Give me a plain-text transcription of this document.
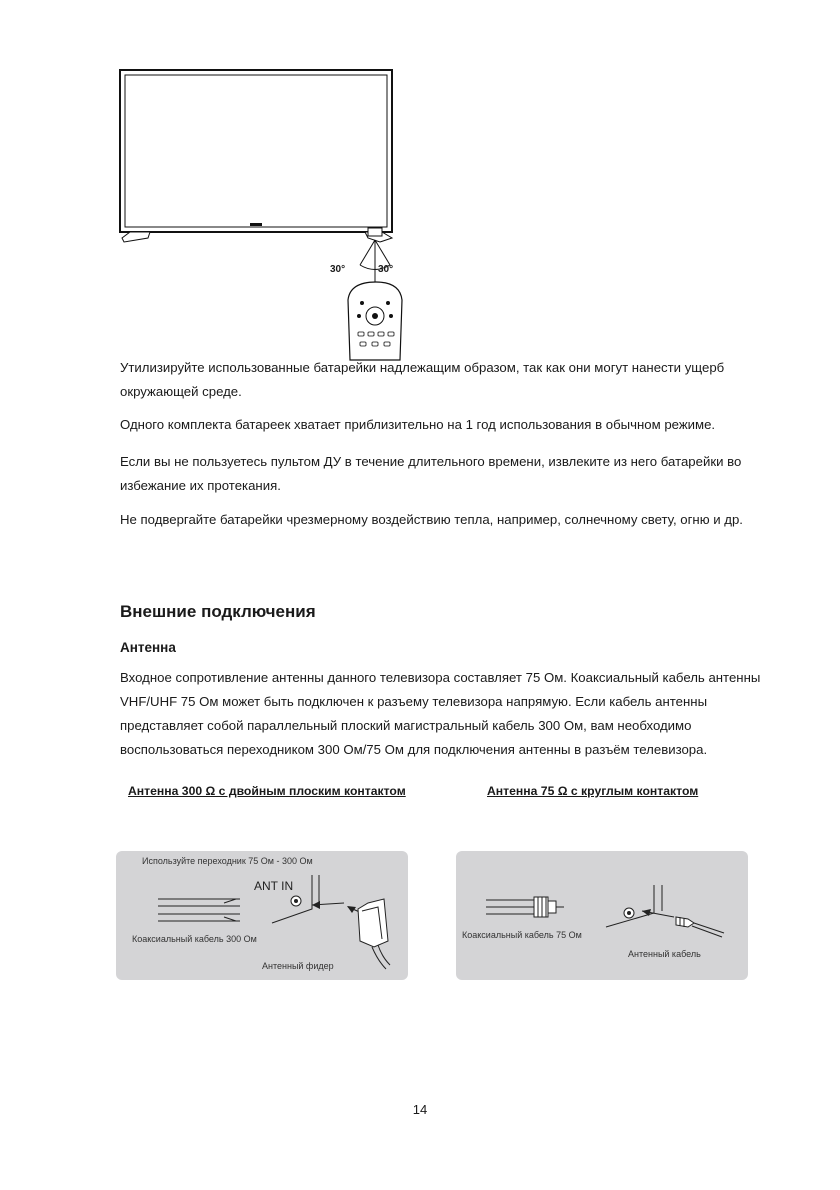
30°	30°

Утилизируйте использованные батарейки надлежащим образом, так как они могут нанести ущерб окружающей среде.

Одного комплекта батареек хватает приблизительно на 1 год использования в обычном режиме.

Если вы не пользуетесь пультом ДУ в течение длительного времени, извлеките из него батарейки во избежание их протекания.

Не подвергайте батарейки чрезмерному воздействию тепла, например, солнечному свету, огню и др.

Внешние подключения
Антенна

Входное сопротивление антенны данного телевизора составляет 75 Ом. Коаксиальный кабель антенны VHF/UHF 75 Ом может быть подключен к разъему телевизора напрямую. Если кабель антенны представляет собой параллельный плоский магистральный кабель 300 Ом, вам необходимо воспользоваться переходником 300 Ом/75 Ом для подключения антенны в разъём телевизора.

Антенна 300 Ω с двойным плоским контактом	Антенна 75 Ω с круглым контактом

Используйте переходник 75 Ом - 300 Ом
ANT IN
Коаксиальный кабель 300 Ом
Антенный фидер
Коаксиальный кабель 75 Ом
Антенный кабель
14
